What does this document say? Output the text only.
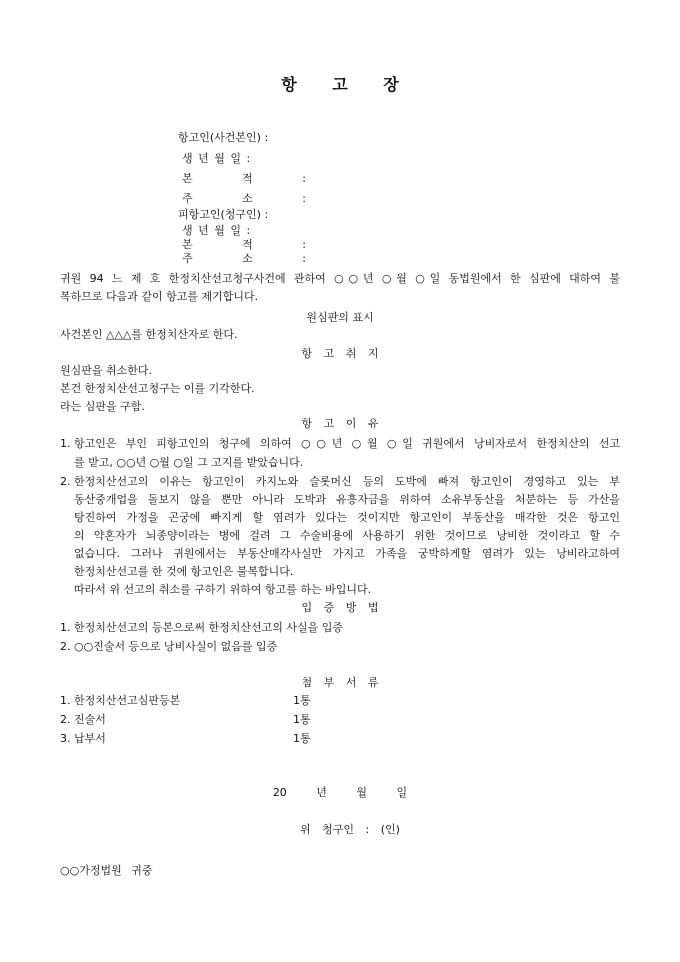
항 고 장
항고인(사건본인) :
생 년 월 일 :
본 적 :
주 소 :
피항고인(청구인) :
생 년 월 일 :
본 적 :
주 소 :
귀원 94 느 제 호 한정치산선고청구사건에 관하여 ○○년 ○월 ○일 동법원에서 한 심판에 대하여 불
복하므로 다음과 같이 항고를 제기합니다.
원심판의 표시
사건본인 △△△를 한정치산자로 한다.
항 고 취 지
원심판을 취소한다.
본건 한정치산선고청구는 이를 기각한다.
라는 심판을 구함.
항 고 이 유
1. 항고인은 부인 피항고인의 청구에 의하여 ○○년 ○월 ○일 귀원에서 낭비자로서 한정치산의 선고
를 받고, ○○년 ○월 ○일 그 고지를 받았습니다.
2. 한정치산선고의 이유는 항고인이 카지노와 슬롯머신 등의 도박에 빠져 항고인이 경영하고 있는 부
동산중개업을 돌보지 않을 뿐만 아니라 도박과 유흥자금을 위하여 소유부동산을 처분하는 등 가산을
탕진하여 가정을 곤궁에 빠지게 할 염려가 있다는 것이지만 항고인이 부동산을 매각한 것은 항고인
의 약혼자가 뇌종양이라는 병에 걸려 그 수술비용에 사용하기 위한 것이므로 낭비한 것이라고 할 수
없습니다. 그러나 귀원에서는 부동산매각사실만 가지고 가족을 궁박하게할 염려가 있는 낭비라고하여
한정치산선고를 한 것에 항고인은 불복합니다.
따라서 위 선고의 취소를 구하기 위하여 항고를 하는 바입니다.
입 증 방 법
1. 한정치산선고의 등본으로써 한정치산선고의 사실을 입증
2. ○○진술서 등으로 낭비사실이 없음를 입증
첨 부 서 류
1. 한정치산선고심판등본	1통
2. 진술서	1통
3. 납부서	1통
20 년 월 일
위 청구인 : (인)
○○가정법원 귀중
